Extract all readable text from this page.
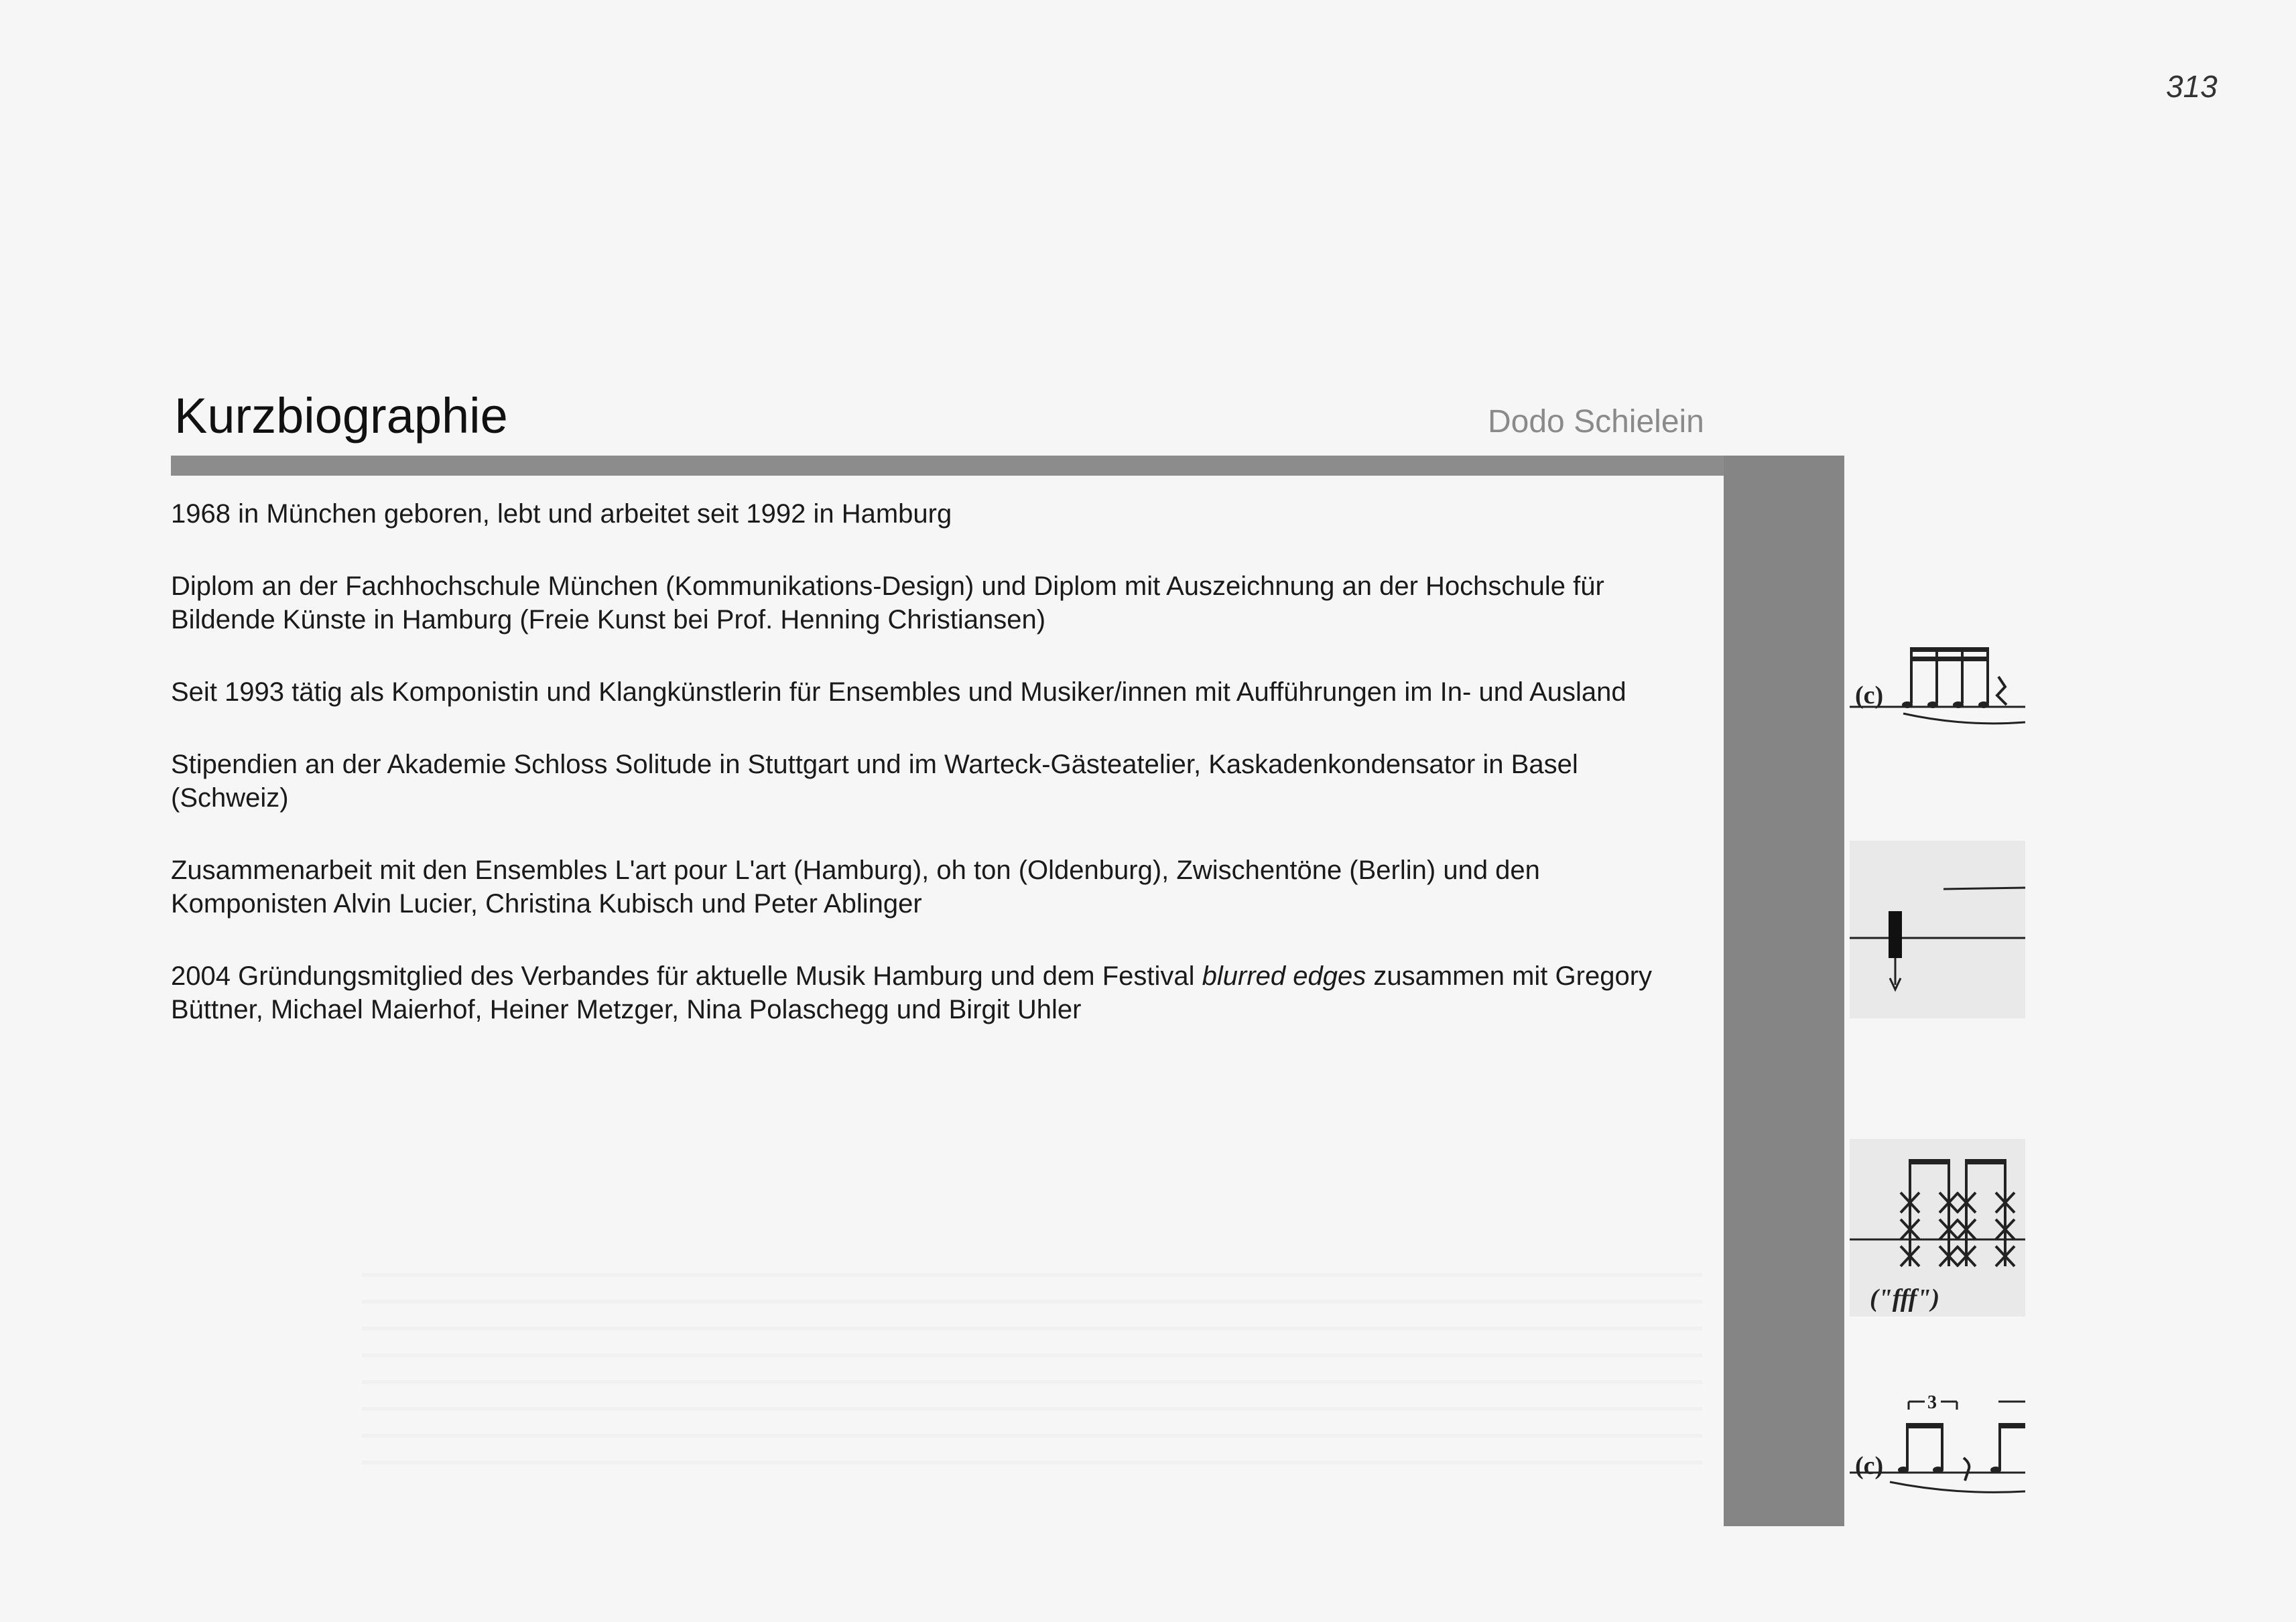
313
Kurzbiographie	Dodo Schielein

1968 in München geboren, lebt und arbeitet seit 1992 in Hamburg

Diplom an der Fachhochschule München (Kommunikations-Design) und Diplom mit Auszeichnung an der Hochschule für Bildende Künste in Hamburg (Freie Kunst bei Prof. Henning Christiansen)

Seit 1993 tätig als Komponistin und Klangkünstlerin für Ensembles und Musiker/innen mit Aufführungen im In- und Ausland

Stipendien an der Akademie Schloss Solitude in Stuttgart und im Warteck-Gästeatelier, Kaskadenkondensator in Basel (Schweiz)

Zusammenarbeit mit den Ensembles L'art pour L'art (Hamburg), oh ton (Oldenburg), Zwischentöne (Berlin) und den Komponisten Alvin Lucier, Christina Kubisch und Peter Ablinger

2004 Gründungsmitglied des Verbandes für aktuelle Musik Hamburg und dem Festival blurred edges zusammen mit Gregory Büttner, Michael Maierhof, Heiner Metzger, Nina Polaschegg und Birgit Uhler

(c)
("fff")
3
(c)
